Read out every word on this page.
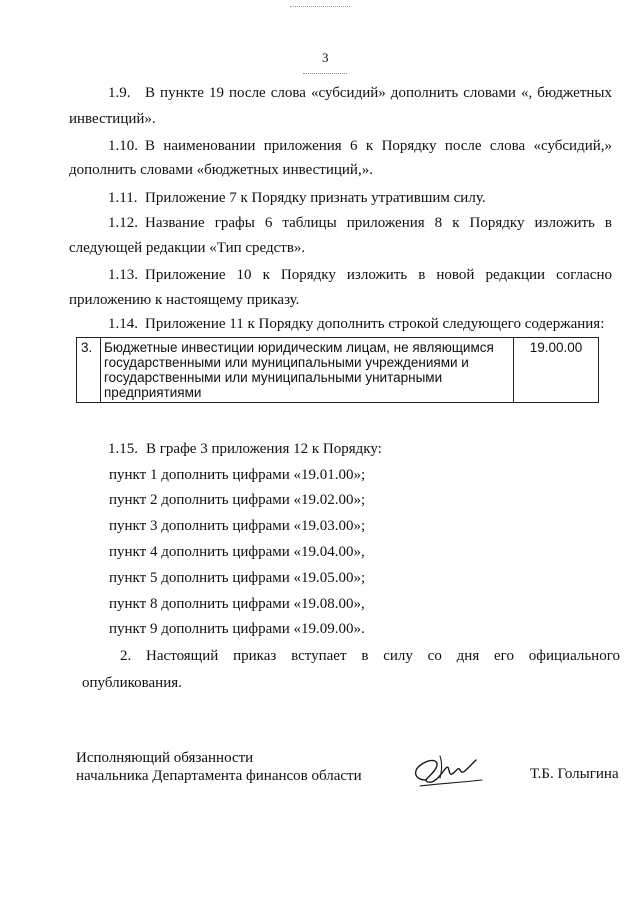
3
1.9. В пункте 19 после слова «субсидий» дополнить словами «, бюджетных
инвестиций».
1.10. В наименовании приложения 6 к Порядку после слова «субсидий,»
дополнить словами «бюджетных инвестиций,».
1.11. Приложение 7 к Порядку признать утратившим силу.
1.12. Название графы 6 таблицы приложения 8 к Порядку изложить в
следующей редакции «Тип средств».
1.13. Приложение 10 к Порядку изложить в новой редакции согласно
приложению к настоящему приказу.
1.14. Приложение 11 к Порядку дополнить строкой следующего содержания:
3.	Бюджетные инвестиции юридическим лицам, не являющимся государственными или муниципальными учреждениями и государственными или муниципальными унитарными предприятиями	19.00.00
1.15. В графе 3 приложения 12 к Порядку:
пункт 1 дополнить цифрами «19.01.00»;
пункт 2 дополнить цифрами «19.02.00»;
пункт 3 дополнить цифрами «19.03.00»;
пункт 4 дополнить цифрами «19.04.00»,
пункт 5 дополнить цифрами «19.05.00»;
пункт 8 дополнить цифрами «19.08.00»,
пункт 9 дополнить цифрами «19.09.00».
2. Настоящий приказ вступает в силу со дня его официального
опубликования.
Исполняющий обязанности
начальника Департамента финансов области	Т.Б. Голыгина
